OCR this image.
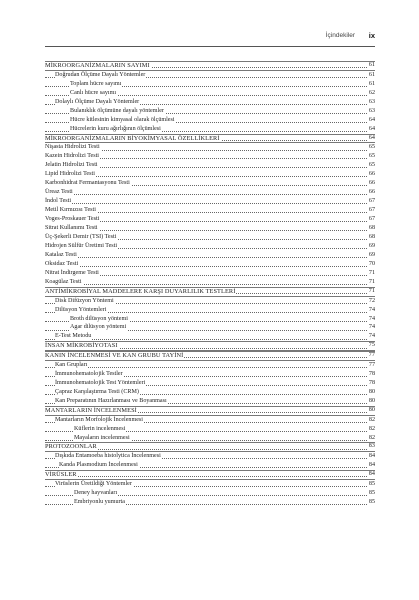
İçindekiler ix
MİKROORGANİZMALARIN SAYIMI	61
Doğrudan Ölçüme Dayalı Yöntemler	61
Toplam hücre sayımı	61
Canlı hücre sayımı	62
Dolaylı Ölçüme Dayalı Yöntemler	63
Bulanıklık ölçümüne dayalı yöntemler	63
Hücre kitlesinin kimyasal olarak ölçümlesi	64
Hücrelerin kuru ağırlığının ölçümlesi	64
MİKROORGANİZMALARIN BİYOKİMYASAL ÖZELLİKLERİ	64
Nişasta Hidrolizi Testi	65
Kazein Hidrolizi Testi	65
Jelatin Hidrolizi Testi	65
Lipid Hidrolizi Testi	66
Karbonhidrat Fermantasyonu Testi	66
Üreaz Testi	66
İndol Testi	67
Metil Kırmızısı Testi	67
Voges-Proskauer Testi	67
Sitrat Kullanımı Testi	68
Üç-Şekerli Demir (TSI) Testi	68
Hidrojen Sülfür Üretimi Testi	69
Katalaz Testi	69
Oksidaz Testi	70
Nitrat İndirgeme Testi	71
Koagülaz Testi	71
ANTİMİKROBİYAL MADDELERE KARŞI DUYARLILIK TESTLERİ	71
Disk Difüzyon Yöntemi	72
Dilüsyon Yöntemleri	74
Broth dilüsyon yöntemi	74
Agar dilüsyon yöntemi	74
E-Test Metodu	74
İNSAN MİKROBİYOTASI	75
KANIN İNCELENMESİ VE KAN GRUBU TAYİNİ	77
Kan Grupları	77
İmmunohematolojik Testler	78
İmmunohematolojik Test Yöntemleri	78
Çapraz Karşılaştırma Testi (CRM)	80
Kan Preparatının Hazırlanması ve Boyanması	80
MANTARLARIN İNCELENMESİ	80
Mantarların Morfolojik İncelenmesi	82
Küflerin incelenmesi	82
Mayaların incelenmesi	82
PROTOZOONLAR	83
Dışkıda Entamoeba histolytica İncelenmesi	84
Kanda Plasmodium İncelenmesi	84
VİRÜSLER	84
Virüslerin Üretildiği Yöntemler	85
Deney hayvanları	85
Embriyonlu yumurta	85
